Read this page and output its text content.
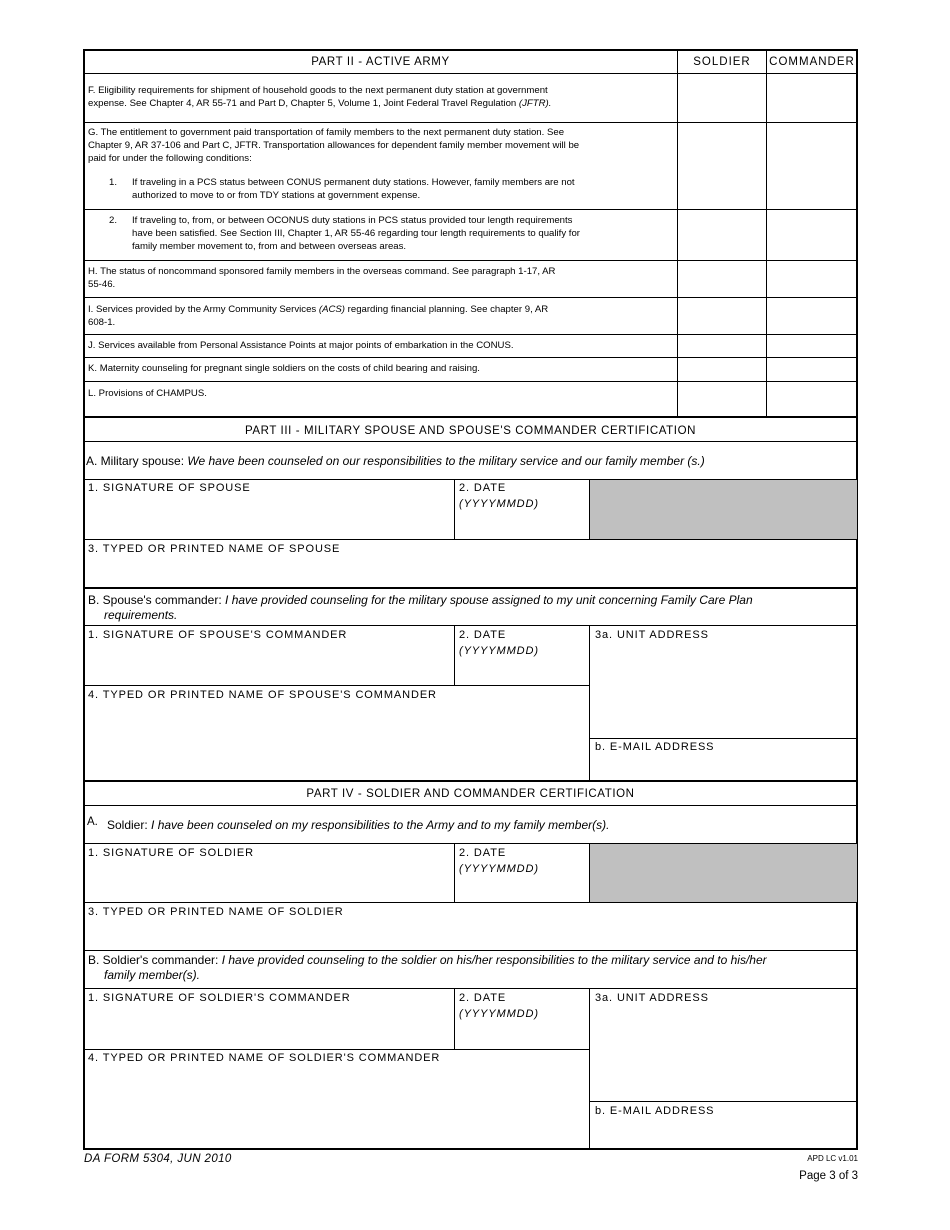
PART II - ACTIVE ARMY	SOLDIER	COMMANDER
F. Eligibility requirements for shipment of household goods to the next permanent duty station at government
expense. See Chapter 4, AR 55-71 and Part D, Chapter 5, Volume 1, Joint Federal Travel Regulation (JFTR).
G. The entitlement to government paid transportation of family members to the next permanent duty station. See
Chapter 9, AR 37-106 and Part C, JFTR. Transportation allowances for dependent family member movement will be
paid for under the following conditions:
1. If traveling in a PCS status between CONUS permanent duty stations. However, family members are not
authorized to move to or from TDY stations at government expense.
2. If traveling to, from, or between OCONUS duty stations in PCS status provided tour length requirements
have been satisfied. See Section III, Chapter 1, AR 55-46 regarding tour length requirements to qualify for
family member movement to, from and between overseas areas.
H. The status of noncommand sponsored family members in the overseas command. See paragraph 1-17, AR
55-46.
I. Services provided by the Army Community Services (ACS) regarding financial planning. See chapter 9, AR
608-1.
J. Services available from Personal Assistance Points at major points of embarkation in the CONUS.
K. Maternity counseling for pregnant single soldiers on the costs of child bearing and raising.
L. Provisions of CHAMPUS.
PART III - MILITARY SPOUSE AND SPOUSE'S COMMANDER CERTIFICATION
A. Military spouse: We have been counseled on our responsibilities to the military service and our family member (s.)
1. SIGNATURE OF SPOUSE	2. DATE
(YYYYMMDD)
3. TYPED OR PRINTED NAME OF SPOUSE
B. Spouse's commander: I have provided counseling for the military spouse assigned to my unit concerning Family Care Plan
requirements.
1. SIGNATURE OF SPOUSE'S COMMANDER	2. DATE
(YYYYMMDD)
3a. UNIT ADDRESS
4. TYPED OR PRINTED NAME OF SPOUSE'S COMMANDER
b. E-MAIL ADDRESS
PART IV - SOLDIER AND COMMANDER CERTIFICATION
A. Soldier: I have been counseled on my responsibilities to the Army and to my family member(s).
1. SIGNATURE OF SOLDIER	2. DATE
(YYYYMMDD)
3. TYPED OR PRINTED NAME OF SOLDIER
B. Soldier's commander: I have provided counseling to the soldier on his/her responsibilities to the military service and to his/her
family member(s).
1. SIGNATURE OF SOLDIER'S COMMANDER	2. DATE
(YYYYMMDD)
3a. UNIT ADDRESS
4. TYPED OR PRINTED NAME OF SOLDIER'S COMMANDER
b. E-MAIL ADDRESS
DA FORM 5304, JUN 2010	APD LC v1.01
Page 3 of 3
